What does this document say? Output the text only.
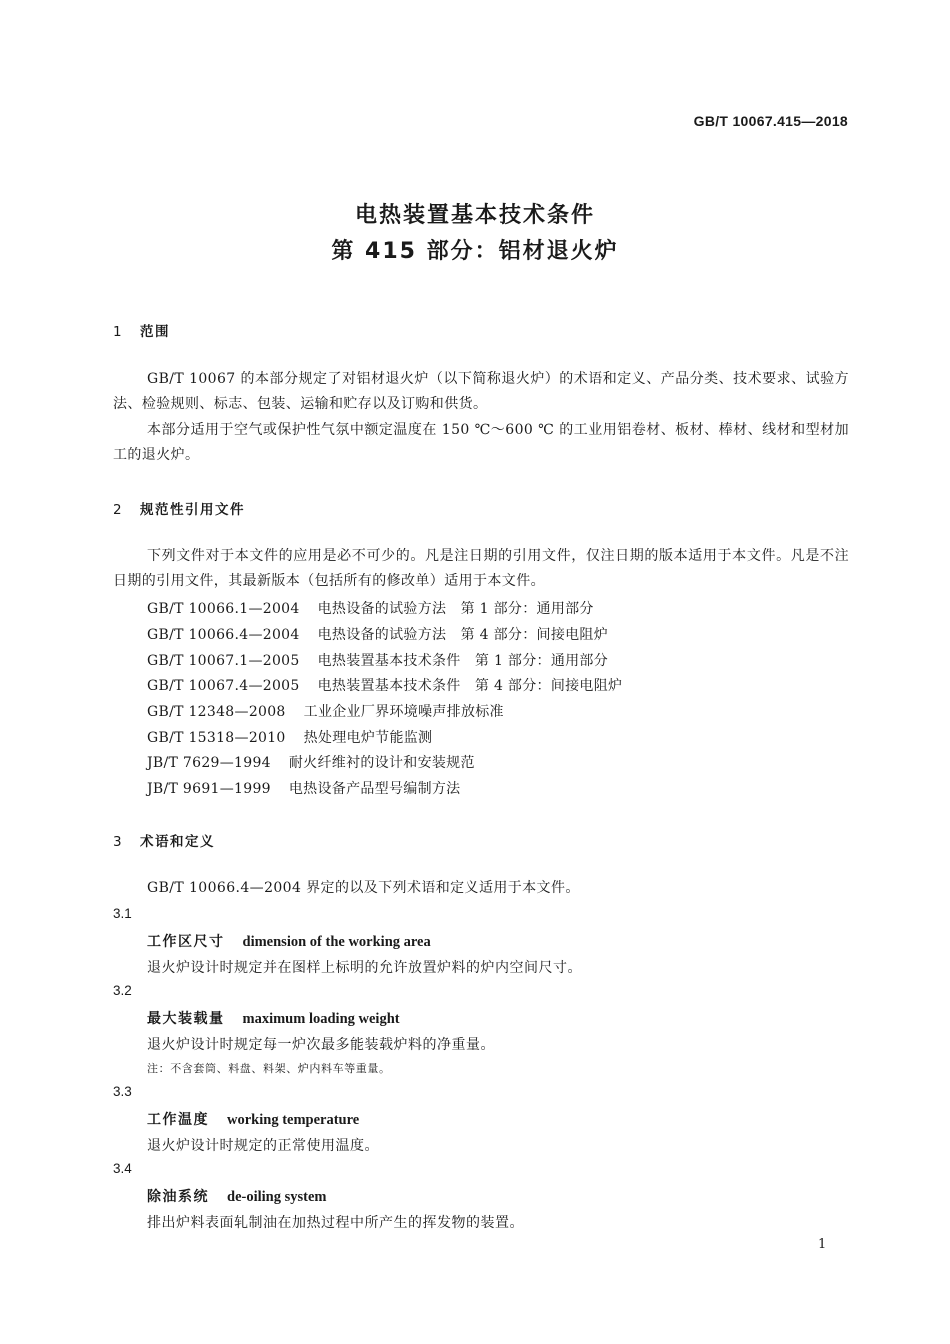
GB/T 10067.415—2018
电热装置基本技术条件
第 415 部分：铝材退火炉
1 范围
GB/T 10067 的本部分规定了对铝材退火炉（以下简称退火炉）的术语和定义、产品分类、技术要求、试验方法、检验规则、标志、包装、运输和贮存以及订购和供货。
本部分适用于空气或保护性气氛中额定温度在 150 ℃～600 ℃ 的工业用铝卷材、板材、棒材、线材和型材加工的退火炉。
2 规范性引用文件
下列文件对于本文件的应用是必不可少的。凡是注日期的引用文件，仅注日期的版本适用于本文件。凡是不注日期的引用文件，其最新版本（包括所有的修改单）适用于本文件。
GB/T 10066.1—2004 电热设备的试验方法　第 1 部分：通用部分
GB/T 10066.4—2004 电热设备的试验方法　第 4 部分：间接电阻炉
GB/T 10067.1—2005 电热装置基本技术条件　第 1 部分：通用部分
GB/T 10067.4—2005 电热装置基本技术条件　第 4 部分：间接电阻炉
GB/T 12348—2008 工业企业厂界环境噪声排放标准
GB/T 15318—2010 热处理电炉节能监测
JB/T 7629—1994 耐火纤维衬的设计和安装规范
JB/T 9691—1999 电热设备产品型号编制方法
3 术语和定义
GB/T 10066.4—2004 界定的以及下列术语和定义适用于本文件。
3.1
工作区尺寸 dimension of the working area
退火炉设计时规定并在图样上标明的允许放置炉料的炉内空间尺寸。
3.2
最大装载量 maximum loading weight
退火炉设计时规定每一炉次最多能装载炉料的净重量。
注：不含套筒、料盘、料架、炉内料车等重量。
3.3
工作温度 working temperature
退火炉设计时规定的正常使用温度。
3.4
除油系统 de-oiling system
排出炉料表面轧制油在加热过程中所产生的挥发物的装置。
1
